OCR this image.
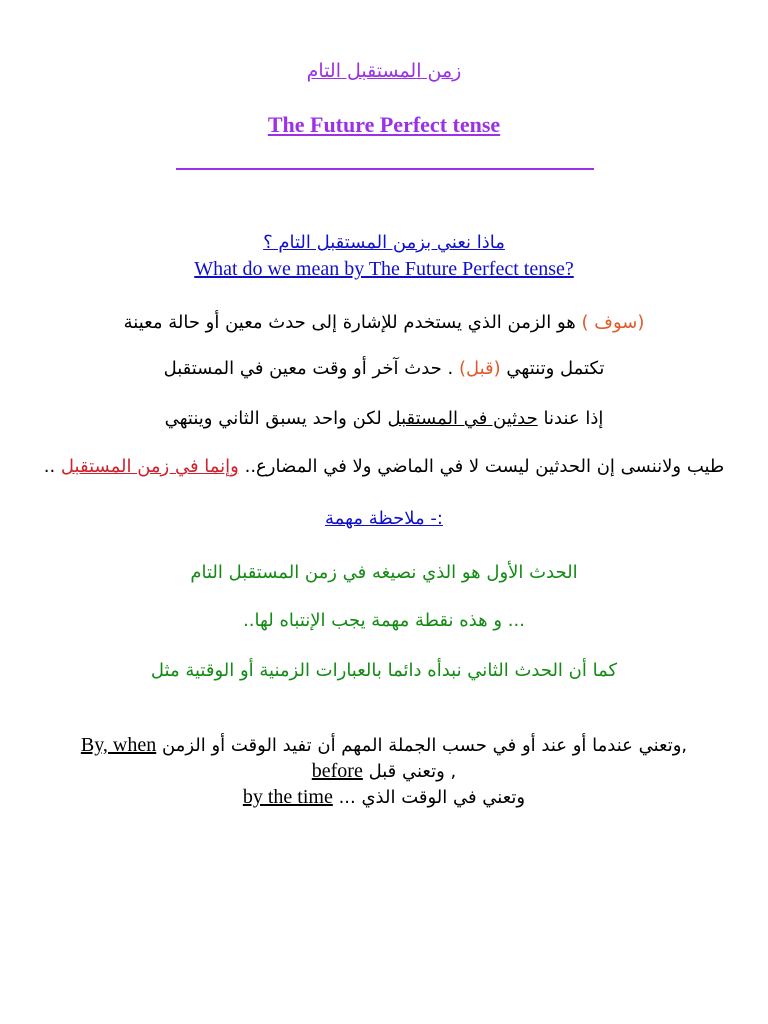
زمن المستقبل التام
The Future Perfect tense
ماذا نعني بزمن المستقبل التام ؟
What do we mean by The Future Perfect tense?
(سوف ) هو الزمن الذي يستخدم للإشارة إلى حدث معين أو حالة معينة
تكتمل وتنتهي (قبل) . حدث آخر أو وقت معين في المستقبل
إذا عندنا حدثين في المستقبل لكن واحد يسبق الثاني وينتهي
طيب ولاننسى إن الحدثين ليست لا في الماضي ولا في المضارع.. وإنما في زمن المستقبل ..
:- ملاحظة مهمة
الحدث الأول هو الذي نصيغه في زمن المستقبل التام
... و هذه نقطة مهمة يجب الإنتباه لها..
كما أن الحدث الثاني نبدأه دائما بالعبارات الزمنية أو الوقتية مثل
,وتعني عندما أو عند أو في حسب الجملة المهم أن تفيد الوقت أو الزمن By, when
, وتعني قبل before
وتعني في الوقت الذي ... by the time
